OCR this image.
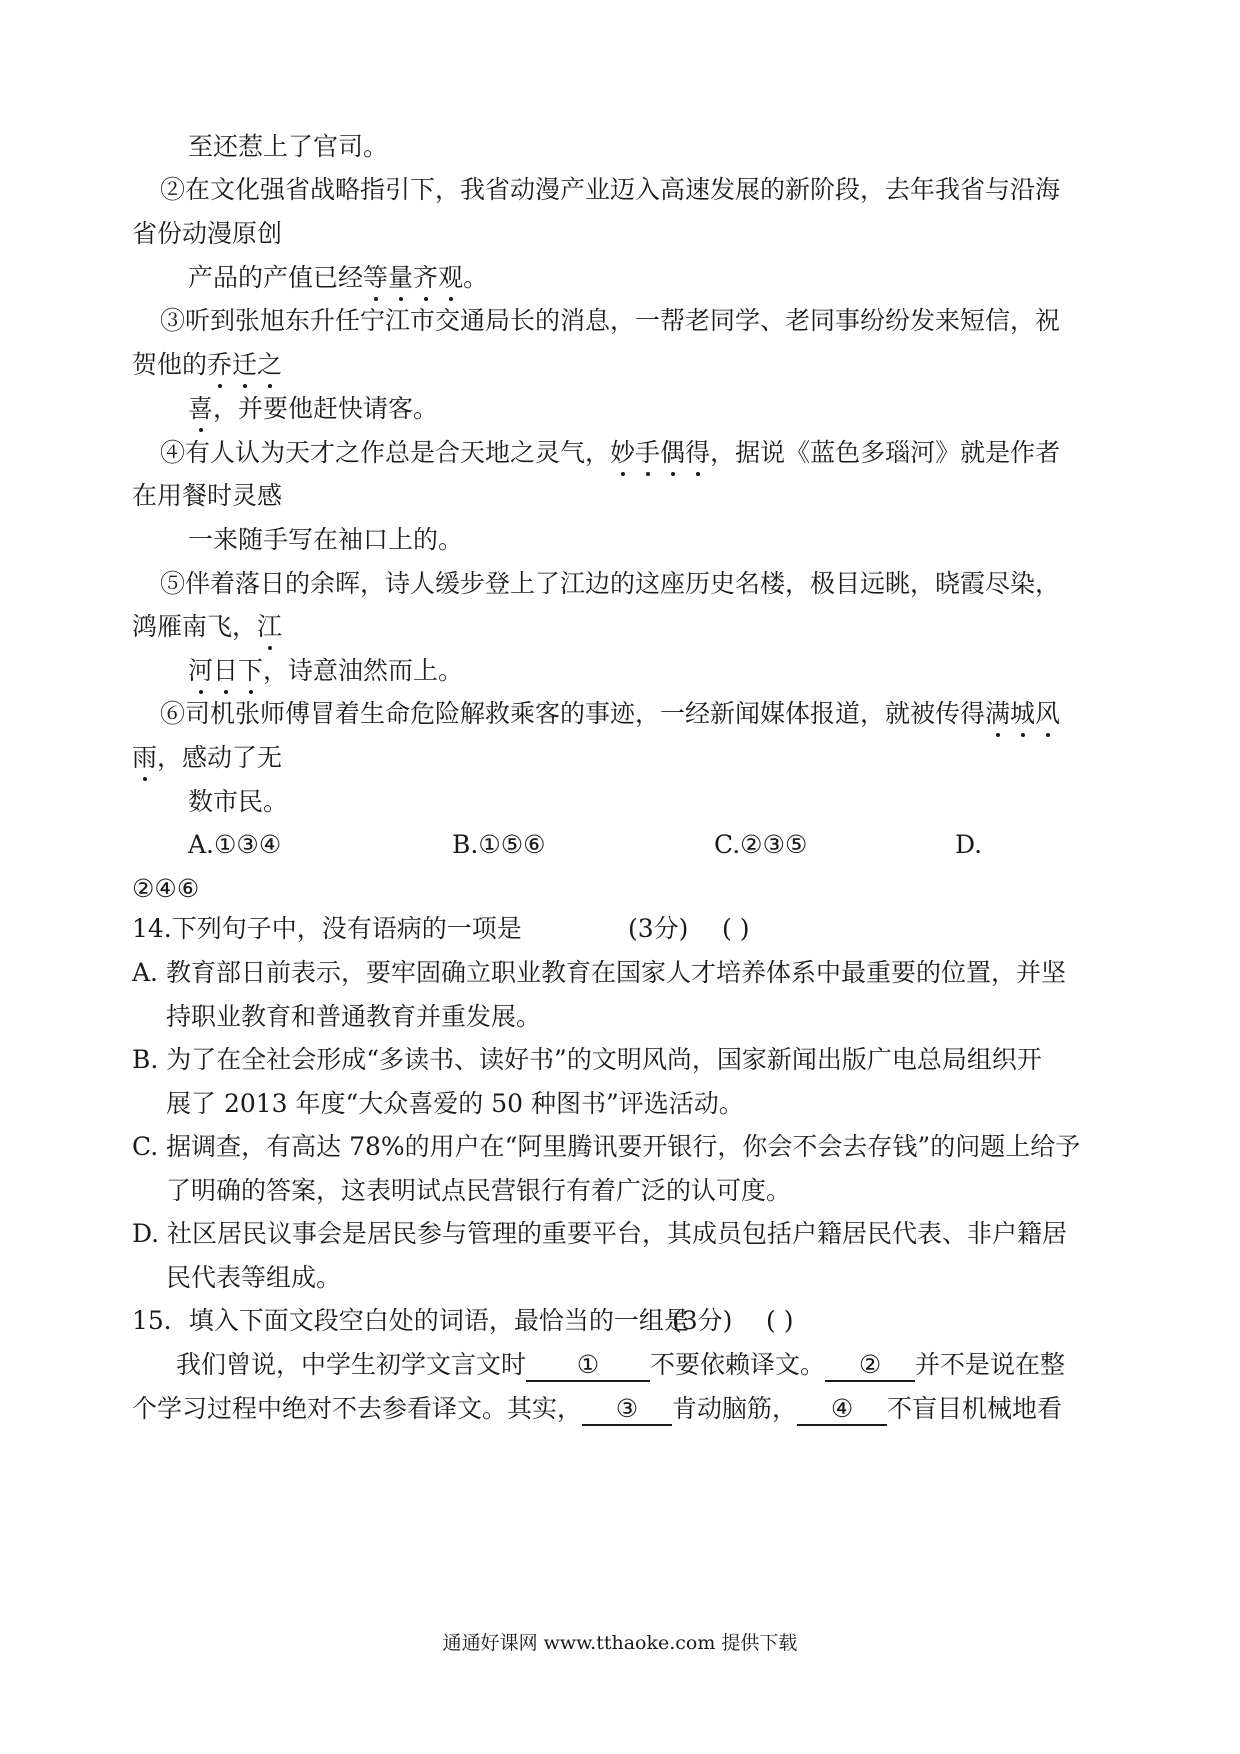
至还惹上了官司。
②在文化强省战略指引下，我省动漫产业迈入高速发展的新阶段，去年我省与沿海
省份动漫原创
产品的产值已经等量齐观。
③听到张旭东升任宁江市交通局长的消息，一帮老同学、老同事纷纷发来短信，祝
贺他的乔迁之
喜，并要他赶快请客。
④有人认为天才之作总是合天地之灵气，妙手偶得，据说《蓝色多瑙河》就是作者
在用餐时灵感
一来随手写在袖口上的。
⑤伴着落日的余晖，诗人缓步登上了江边的这座历史名楼，极目远眺，晓霞尽染，
鸿雁南飞，江
河日下，诗意油然而上。
⑥司机张师傅冒着生命危险解救乘客的事迹，一经新闻媒体报道，就被传得满城风
雨，感动了无
数市民。
A.①③④	B.①⑤⑥	C.②③⑤	D.
②④⑥
14.下列句子中，没有语病的一项是	(3分) ( )
A. 教育部日前表示，要牢固确立职业教育在国家人才培养体系中最重要的位置，并坚
持职业教育和普通教育并重发展。
B. 为了在全社会形成“多读书、读好书”的文明风尚，国家新闻出版广电总局组织开
展了 2013 年度“大众喜爱的 50 种图书”评选活动。
C. 据调查，有高达 78%的用户在“阿里腾讯要开银行，你会不会去存钱”的问题上给予
了明确的答案，这表明试点民营银行有着广泛的认可度。
D. 社区居民议事会是居民参与管理的重要平台，其成员包括户籍居民代表、非户籍居
民代表等组成。
15．填入下面文段空白处的词语，最恰当的一组是
(3分) ( )
我们曾说，中学生初学文言文时 ① 不要依赖译文。 ② 并不是说在整
个学习过程中绝对不去参看译文。其实， ③ 肯动脑筋， ④ 不盲目机械地看
通通好课网 www.tthaoke.com 提供下载
